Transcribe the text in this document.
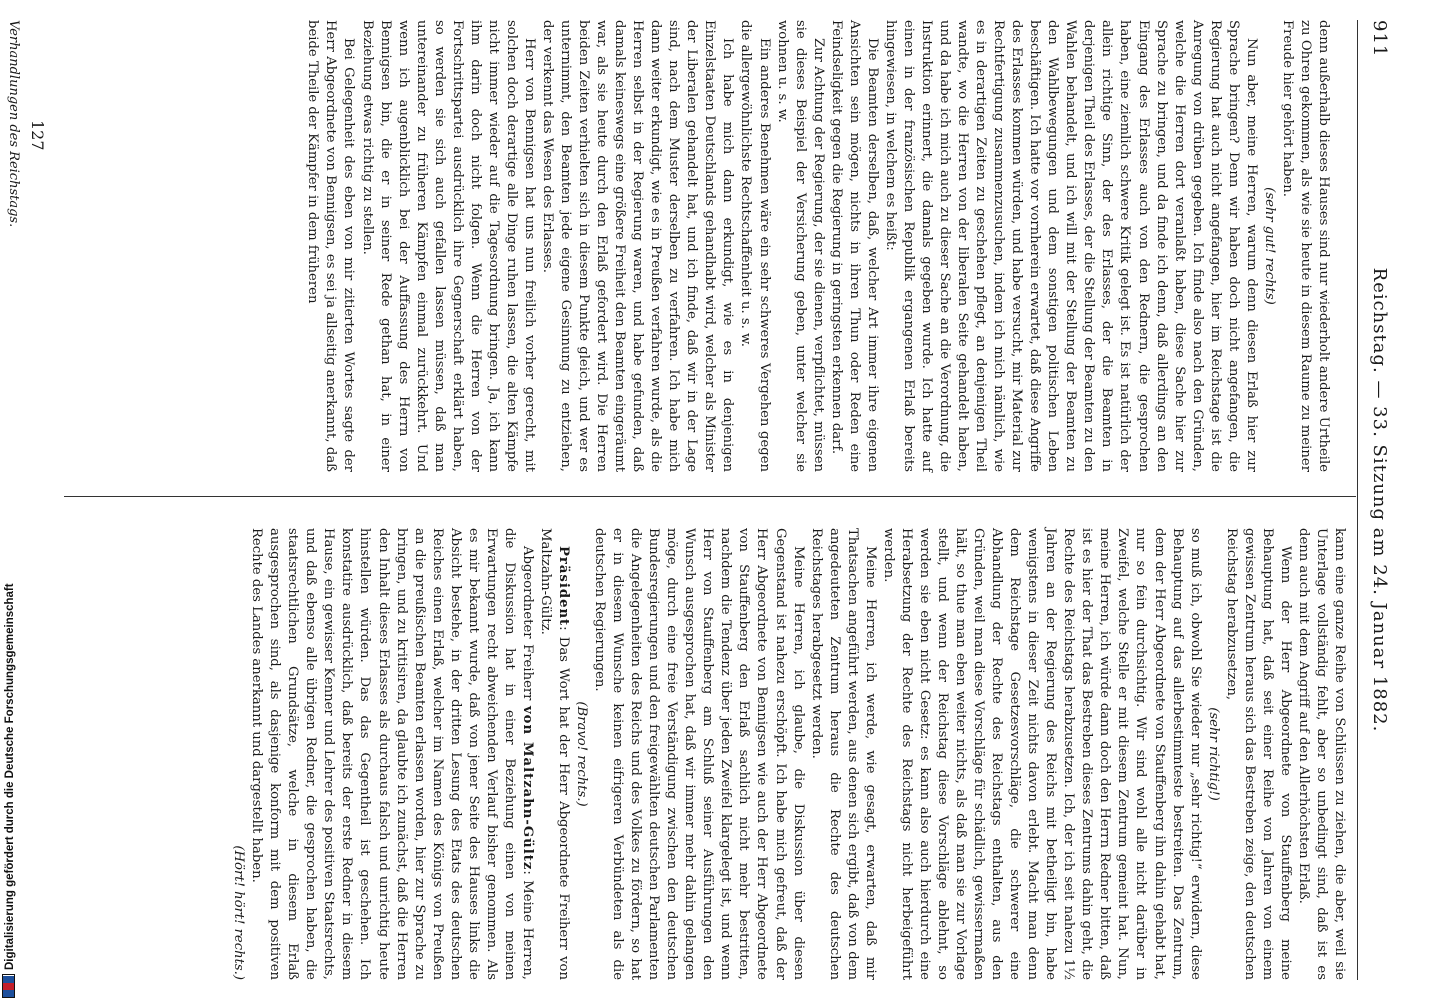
911
Reichstag. — 33. Sitzung am 24. Januar 1882.

denn außerhalb dieses Hauses sind nur wiederholt andere Urtheile zu Ohren gekommen, als wie sie heute in diesem Raume zu meiner Freude hier gehört haben.

(sehr gut! rechts)

Nun aber, meine Herren, warum denn diesen Erlaß hier zur Sprache bringen? Denn wir haben doch nicht angefangen, die Regierung hat auch nicht angefangen, hier im Reichstage ist die Anregung von drüben gegeben. Ich finde also nach den Gründen, welche die Herren dort veranlaßt haben, diese Sache hier zur Sprache zu bringen, und da finde ich denn, daß allerdings an den Eingang des Erlasses auch von den Rednern, die gesprochen haben, eine ziemlich schwere Kritik gelegt ist. Es ist natürlich der allein richtige Sinn, der des Erlasses, der die Beamten in derjenigen Theil des Erlasses, der die Stellung der Beamten zu den Wahlen behandelt, und ich will mit der Stellung der Beamten zu den Wahlbewegungen und dem sonstigen politischen Leben beschäftigen. Ich hatte vor vornherein erwartet, daß diese Angriffe des Erlasses kommen würden, und habe versucht, mir Material zur Rechtfertigung zusammenzusuchen, indem ich mich nämlich, wie es in derartigen Zeiten zu geschehen pflegt, an denjenigen Theil wandte, wo die Herren von der liberalen Seite gehandelt haben, und da habe ich mich auch zu dieser Sache an die Verordnung, die Instruktion erinnert, die damals gegeben wurde. Ich hatte auf einen in der französischen Republik ergangenen Erlaß bereits hingewiesen, in welchem es heißt:

Die Beamten derselben, daß, welcher Art immer ihre eigenen Ansichten sein mögen, nichts in ihren Thun oder Reden eine Feindseligkeit gegen die Regierung in geringsten erkennen darf.

Zur Achtung der Regierung, der sie dienen, verpflichtet, müssen sie dieses Beispiel der Versicherung geben, unter welcher sie wohnen u. s. w.

Ein anderes Benehmen wäre ein sehr schweres Vergehen gegen die allergewöhnlichste Rechtschaffenheit u. s. w.

Ich habe mich dann erkundigt, wie es in denjenigen Einzelstaaten Deutschlands gehandhabt wird, welcher als Minister der Liberalen gehandelt hat, und ich finde, daß wir in der Lage sind, nach dem Muster derselben zu verfahren. Ich habe mich dann weiter erkundigt, wie es in Preußen verfahren wurde, als die Herren selbst in der Regierung waren, und habe gefunden, daß damals keineswegs eine größere Freiheit den Beamten eingeräumt war, als sie heute durch den Erlaß gefordert wird. Die Herren beiden Zeiten verhielten sich in diesem Punkte gleich, und wer es unternimmt, den Beamten jede eigene Gesinnung zu entziehen, der verkennt das Wesen des Erlasses.

Herr von Bennigsen hat uns nun freilich vorher gerecht, mit solchen doch derartige alle Dinge ruhen lassen, die alten Kämpfe nicht immer wieder auf die Tagesordnung bringen. Ja, ich kann ihm darin doch nicht folgen. Wenn die Herren von der Fortschrittspartei ausdrücklich ihre Gegnerschaft erklärt haben, so werden sie sich auch gefallen lassen müssen, daß man untereinander zu früheren Kämpfen einmal zurückkehrt. Und wenn ich augenblicklich bei der Auffassung des Herrn von Bennigsen bin, die er in seiner Rede gethan hat, in einer Beziehung etwas richtig zu stellen.

Bei Gelegenheit des eben von mir zitierten Wortes sagte der Herr Abgeordnete von Bennigsen, es sei ja allseitig anerkannt, daß beide Theile der Kämpfer in dem früheren

kann eine ganze Reihe von Schlüssen zu ziehen, die aber, weil sie Unterlage vollständig fehlt, aber so unbedingt sind, daß ist es denn auch mit dem Angriff auf den Allerhöchsten Erlaß.

Wenn der Herr Abgeordnete von Stauffenberg meine Behauptung hat, daß seit einer Reihe von Jahren von einem gewissen Zentrum heraus sich das Bestreben zeige, den deutschen Reichstag herabzusetzen,

(sehr richtig!)

so muß ich, obwohl Sie wieder nur „sehr richtig!“ erwidern, diese Behauptung auf das allerbestimmteste bestreiten. Das Zentrum, dem der Herr Abgeordnete von Stauffenberg ihn dahin gehabt hat, nur so fein durchsichtig. Wir sind wohl alle nicht darüber in Zweifel, welche Stelle er mit diesem Zentrum gemeint hat. Nun, meine Herren, ich würde dann doch den Herrn Redner bitten, daß ist es hier der That das Bestreben dieses Zentrums dahin geht, die Rechte des Reichstags herabzusetzen. Ich, der ich seit nahezu 1½ Jahren an der Regierung des Reichs mit betheiligt bin, habe wenigstens in dieser Zeit nichts davon erlebt. Macht man denn dem Reichstage Gesetzesvorschläge, die schwerer eine Abhandlung der Rechte des Reichstags enthalten, aus den Gründen, weil man diese Vorschläge für schädlich, gewissermaßen hält, so thue man eben weiter nichts, als daß man sie zur Vorlage stellt, und wenn der Reichstag diese Vorschläge ablehnt, so werden sie eben nicht Gesetz: es kann also auch hierdurch eine Herabsetzung der Rechte des Reichstags nicht herbeigeführt werden.

Meine Herren, ich werde, wie gesagt, erwarten, daß mir Thatsachen angeführt werden, aus denen sich ergibt, daß von dem angedeuteten Zentrum heraus die Rechte des deutschen Reichstages herabgesetzt werden.

Meine Herren, ich glaube, die Diskussion über diesen Gegenstand ist nahezu erschöpft. Ich habe mich gefreut, daß der Herr Abgeordnete von Bennigsen wie auch der Herr Abgeordnete von Stauffenberg den Erlaß sachlich nicht mehr bestritten, nachdem die Tendenz über jeden Zweifel klargelegt ist, und wenn Herr von Stauffenberg am Schluß seiner Ausführungen den Wunsch ausgesprochen hat, daß wir immer mehr dahin gelangen möge, durch eine freie Verständigung zwischen den deutschen Bundesregierungen und den freigewählten deutschen Parlamenten die Angelegenheiten des Reichs und des Volkes zu fördern, so hat er in diesem Wunsche keinen eifrigeren Verbündeten als die deutschen Regierungen.

(Bravo! rechts.)

Präsident: Das Wort hat der Herr Abgeordnete Freiherr von Maltzahn-Gültz.

Abgeordneter Freiherr von Maltzahn-Gültz: Meine Herren, die Diskussion hat in einer Beziehung einen von meinen Erwartungen recht abweichenden Verlauf bisher genommen. Als es mir bekannt wurde, daß von jener Seite des Hauses links die Absicht bestehe, in der dritten Lesung des Etats des deutschen Reiches einen Erlaß, welcher im Namen des Königs von Preußen an die preußischen Beamten erlassen worden, hier zur Sprache zu bringen, und zu kritisiren, da glaubte ich zunächst, daß die Herren den Inhalt dieses Erlasses als durchaus falsch und unrichtig heute hinstellen würden. Das das Gegentheil ist geschehen. Ich konstatire ausdrücklich, daß bereits der erste Redner in diesem Hause, ein gewisser Kenner und Lehrer des positiven Staatsrechts, und daß ebenso alle übrigen Redner, die gesprochen haben, die staatsrechtlichen Grundsätze, welche in diesem Erlaß ausgesprochen sind, als dasjenige konform mit dem positiven Rechte des Landes anerkannt und dargestellt haben.

(Hört! hört! rechts.)

127
Verhandlungen des Reichstags.
Digitalisierung gefördert durch die Deutsche Forschungsgemeinschaft
